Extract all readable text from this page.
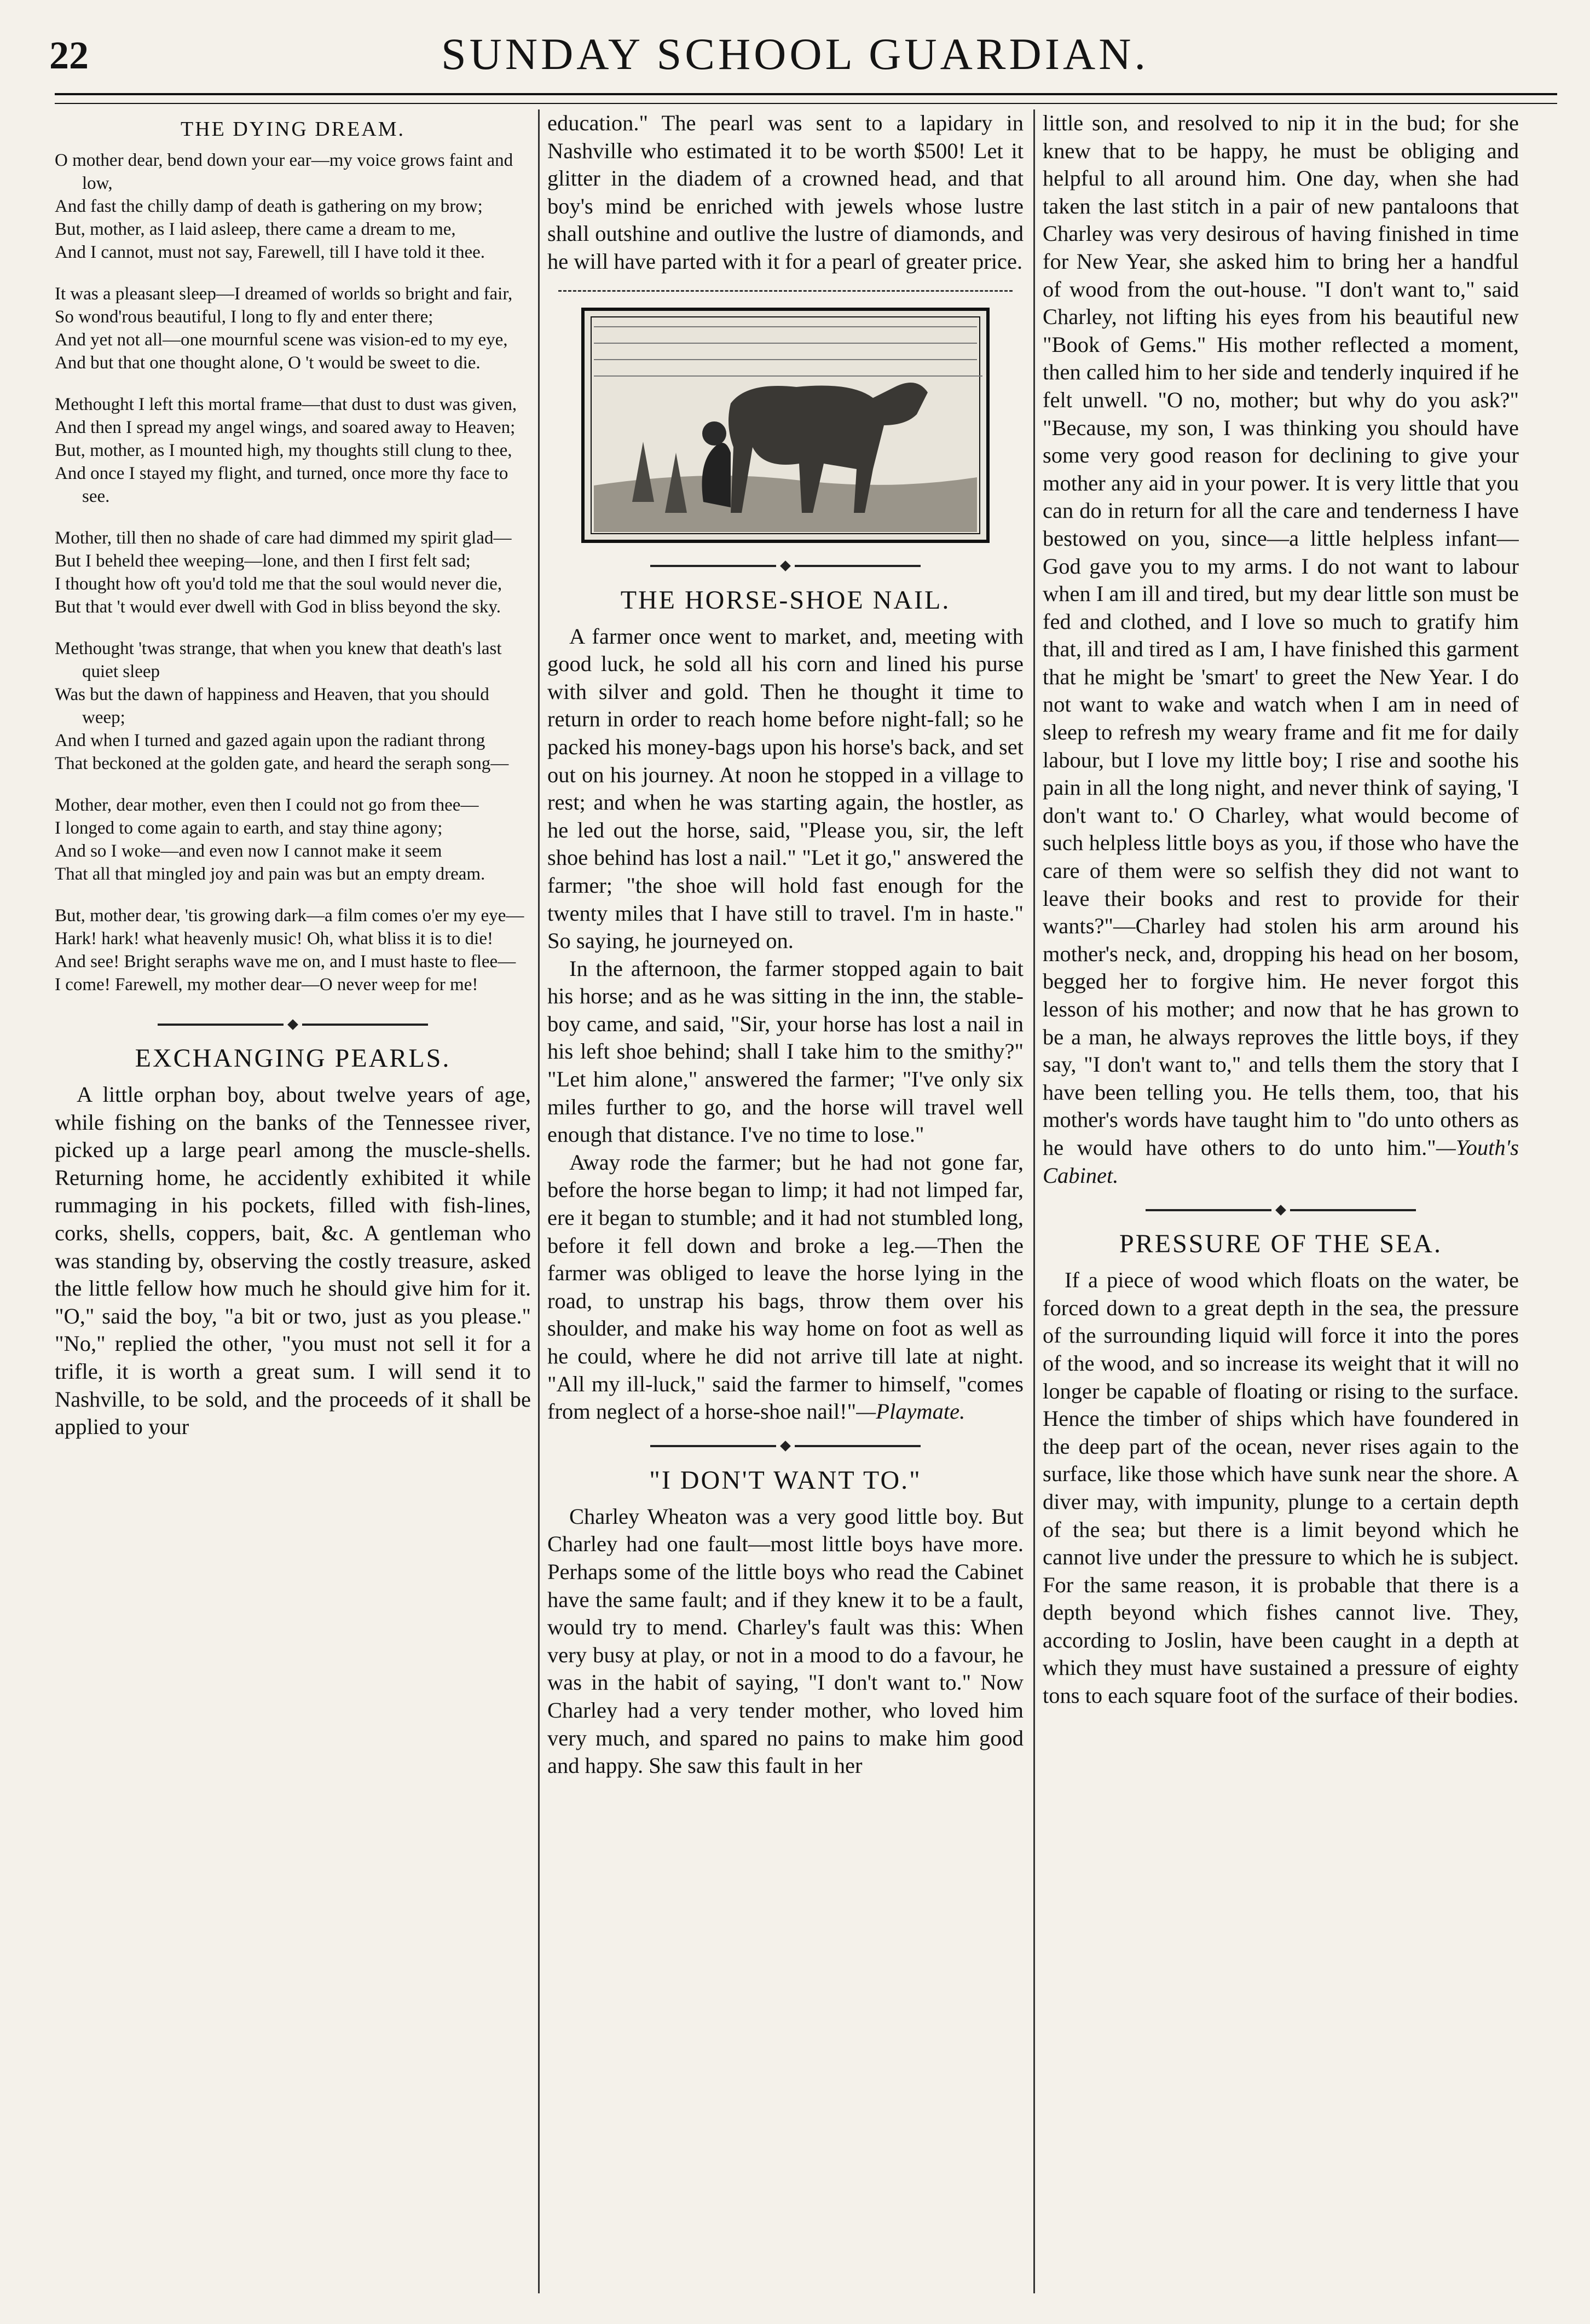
22	SUNDAY SCHOOL GUARDIAN.
THE DYING DREAM.

O mother dear, bend down your ear—my voice grows faint and low,

And fast the chilly damp of death is gathering on my brow;

But, mother, as I laid asleep, there came a dream to me,

And I cannot, must not say, Farewell, till I have told it thee.

It was a pleasant sleep—I dreamed of worlds so bright and fair,

So wond'rous beautiful, I long to fly and enter there;

And yet not all—one mournful scene was vision-ed to my eye,

And but that one thought alone, O 't would be sweet to die.

Methought I left this mortal frame—that dust to dust was given,

And then I spread my angel wings, and soared away to Heaven;

But, mother, as I mounted high, my thoughts still clung to thee,

And once I stayed my flight, and turned, once more thy face to see.

Mother, till then no shade of care had dimmed my spirit glad—

But I beheld thee weeping—lone, and then I first felt sad;

I thought how oft you'd told me that the soul would never die,

But that 't would ever dwell with God in bliss beyond the sky.

Methought 'twas strange, that when you knew that death's last quiet sleep

Was but the dawn of happiness and Heaven, that you should weep;

And when I turned and gazed again upon the radiant throng

That beckoned at the golden gate, and heard the seraph song—

Mother, dear mother, even then I could not go from thee—

I longed to come again to earth, and stay thine agony;

And so I woke—and even now I cannot make it seem

That all that mingled joy and pain was but an empty dream.

But, mother dear, 'tis growing dark—a film comes o'er my eye—

Hark! hark! what heavenly music! Oh, what bliss it is to die!

And see! Bright seraphs wave me on, and I must haste to flee—

I come! Farewell, my mother dear—O never weep for me!

EXCHANGING PEARLS.

A little orphan boy, about twelve years of age, while fishing on the banks of the Tennessee river, picked up a large pearl among the muscle-shells. Returning home, he accidently exhibited it while rummaging in his pockets, filled with fish-lines, corks, shells, coppers, bait, &c. A gentleman who was standing by, observing the costly treasure, asked the little fellow how much he should give him for it. "O," said the boy, "a bit or two, just as you please." "No," replied the other, "you must not sell it for a trifle, it is worth a great sum. I will send it to Nashville, to be sold, and the proceeds of it shall be applied to your

education." The pearl was sent to a lapidary in Nashville who estimated it to be worth $500! Let it glitter in the diadem of a crowned head, and that boy's mind be enriched with jewels whose lustre shall outshine and outlive the lustre of diamonds, and he will have parted with it for a pearl of greater price.

THE HORSE-SHOE NAIL.

A farmer once went to market, and, meeting with good luck, he sold all his corn and lined his purse with silver and gold. Then he thought it time to return in order to reach home before night-fall; so he packed his money-bags upon his horse's back, and set out on his journey. At noon he stopped in a village to rest; and when he was starting again, the hostler, as he led out the horse, said, "Please you, sir, the left shoe behind has lost a nail." "Let it go," answered the farmer; "the shoe will hold fast enough for the twenty miles that I have still to travel. I'm in haste." So saying, he journeyed on.

In the afternoon, the farmer stopped again to bait his horse; and as he was sitting in the inn, the stable-boy came, and said, "Sir, your horse has lost a nail in his left shoe behind; shall I take him to the smithy?" "Let him alone," answered the farmer; "I've only six miles further to go, and the horse will travel well enough that distance. I've no time to lose."

Away rode the farmer; but he had not gone far, before the horse began to limp; it had not limped far, ere it began to stumble; and it had not stumbled long, before it fell down and broke a leg.—Then the farmer was obliged to leave the horse lying in the road, to unstrap his bags, throw them over his shoulder, and make his way home on foot as well as he could, where he did not arrive till late at night. "All my ill-luck," said the farmer to himself, "comes from neglect of a horse-shoe nail!"—Playmate.

"I DON'T WANT TO."

Charley Wheaton was a very good little boy. But Charley had one fault—most little boys have more. Perhaps some of the little boys who read the Cabinet have the same fault; and if they knew it to be a fault, would try to mend. Charley's fault was this: When very busy at play, or not in a mood to do a favour, he was in the habit of saying, "I don't want to." Now Charley had a very tender mother, who loved him very much, and spared no pains to make him good and happy. She saw this fault in her

little son, and resolved to nip it in the bud; for she knew that to be happy, he must be obliging and helpful to all around him. One day, when she had taken the last stitch in a pair of new pantaloons that Charley was very desirous of having finished in time for New Year, she asked him to bring her a handful of wood from the out-house. "I don't want to," said Charley, not lifting his eyes from his beautiful new "Book of Gems." His mother reflected a moment, then called him to her side and tenderly inquired if he felt unwell. "O no, mother; but why do you ask?" "Because, my son, I was thinking you should have some very good reason for declining to give your mother any aid in your power. It is very little that you can do in return for all the care and tenderness I have bestowed on you, since—a little helpless infant—God gave you to my arms. I do not want to labour when I am ill and tired, but my dear little son must be fed and clothed, and I love so much to gratify him that, ill and tired as I am, I have finished this garment that he might be 'smart' to greet the New Year. I do not want to wake and watch when I am in need of sleep to refresh my weary frame and fit me for daily labour, but I love my little boy; I rise and soothe his pain in all the long night, and never think of saying, 'I don't want to.' O Charley, what would become of such helpless little boys as you, if those who have the care of them were so selfish they did not want to leave their books and rest to provide for their wants?"—Charley had stolen his arm around his mother's neck, and, dropping his head on her bosom, begged her to forgive him. He never forgot this lesson of his mother; and now that he has grown to be a man, he always reproves the little boys, if they say, "I don't want to," and tells them the story that I have been telling you. He tells them, too, that his mother's words have taught him to "do unto others as he would have others to do unto him."—Youth's Cabinet.

PRESSURE OF THE SEA.

If a piece of wood which floats on the water, be forced down to a great depth in the sea, the pressure of the surrounding liquid will force it into the pores of the wood, and so increase its weight that it will no longer be capable of floating or rising to the surface. Hence the timber of ships which have foundered in the deep part of the ocean, never rises again to the surface, like those which have sunk near the shore. A diver may, with impunity, plunge to a certain depth of the sea; but there is a limit beyond which he cannot live under the pressure to which he is subject. For the same reason, it is probable that there is a depth beyond which fishes cannot live. They, according to Joslin, have been caught in a depth at which they must have sustained a pressure of eighty tons to each square foot of the surface of their bodies.
